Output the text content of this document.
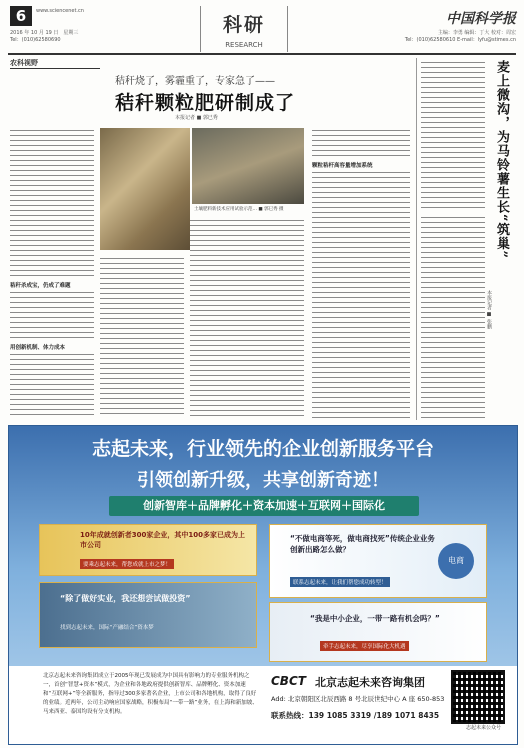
6	www.sciencenet.cn
2016 年 10 月 19 日　星期三
Tel：(010)62580690
科研
RESEARCH
中国科学报
主编：李勇 编辑：丁大 校对：周宏
Tel：(010)62580610 E-mail：lyfu@stimes.cn
农科视野
秸秆烧了，雾霾重了，专家急了——
秸秆颗粒肥研制成了
本报记者 ■ 郭巳秀
秸秆杀成宝，仍成了难题
用创新机制、体力成本
土壤肥料新技术应用试验示范… ■ 郭巳秀 摄
颗粒秸杆高容量增加系统	麦上微沟，为马铃薯生长“筑巢”
本报记者 ■ 张鹏
志起未来，行业领先的企业创新服务平台
引领创新升级，共享创新奇迹！
创新智库＋品牌孵化＋资本加速＋互联网＋国际化
10年成就创新者300家企业，其中100多家已成为上市公司
要乘志起未来，帮您成就上市之梦！
“不做电商等死，做电商找死”传统企业业务创新出路怎么做？
联系志起未来，让我们帮您成功转型！
电商
“除了做好实业，我还想尝试做投资”
找到志起未来，国际“产融结合”资本梦
“我是中小企业，一带一路有机会吗？”
牵手志起未来，尽享国际化大机遇
北京志起未来咨询集团成立于2005年现已发展成为中国具有影响力的专业服务机构之一，首创“智慧+资本”模式，为企业和各地政府提供创新智库、品牌孵化、资本加速和“互联网+”等全新服务，指导过300多家著名企业，上市公司和各地机构，取得了良好的业绩。近两年，公司主动响应国家战略，积极布局“一带一路”业务，在上海和新加坡、马来西亚、泰国均设有分支机构。
CBCT 北京志起未来咨询集团
Add: 北京朝阳区北辰西路 8 号北辰世纪中心 A 座 650-853
联系热线：139 1085 3319 /189 1071 8435
志起未来公众号
